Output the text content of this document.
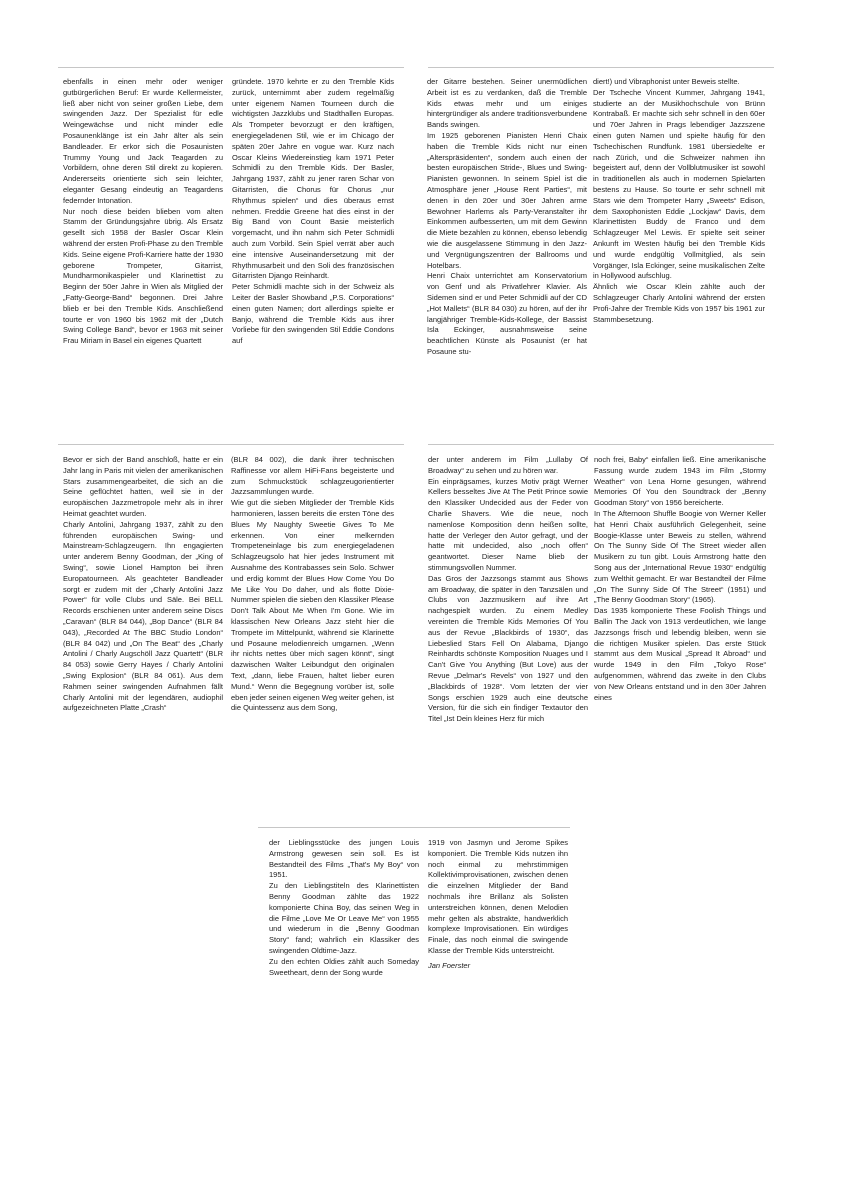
ebenfalls in einen mehr oder weniger gutbürgerlichen Beruf: Er wurde Kellermeister, ließ aber nicht von seiner großen Liebe, dem swingenden Jazz. Der Spezialist für edle Weingewächse und nicht minder edle Posaunenklänge ist ein Jahr älter als sein Bandleader. Er erkor sich die Posaunisten Trummy Young und Jack Teagarden zu Vorbildern, ohne deren Stil direkt zu kopieren. Andererseits orientierte sich sein leichter, eleganter Gesang eindeutig an Teagardens federnder Intonation.

Nur noch diese beiden blieben vom alten Stamm der Gründungsjahre übrig. Als Ersatz gesellt sich 1958 der Basler Oscar Klein während der ersten Profi-Phase zu den Tremble Kids. Seine eigene Profi-Karriere hatte der 1930 geborene Trompeter, Gitarrist, Mundharmonikaspieler und Klarinettist zu Beginn der 50er Jahre in Wien als Mitglied der „Fatty-George-Band“ begonnen. Drei Jahre blieb er bei den Tremble Kids. Anschließend tourte er von 1960 bis 1962 mit der „Dutch Swing College Band“, bevor er 1963 mit seiner Frau Miriam in Basel ein eigenes Quartett

gründete. 1970 kehrte er zu den Tremble Kids zurück, unternimmt aber zudem regelmäßig unter eigenem Namen Tourneen durch die wichtigsten Jazzklubs und Stadthallen Europas. Als Trompeter bevorzugt er den kräftigen, energiegeladenen Stil, wie er im Chicago der späten 20er Jahre en vogue war. Kurz nach Oscar Kleins Wiedereinstieg kam 1971 Peter Schmidli zu den Tremble Kids. Der Basler, Jahrgang 1937, zählt zu jener raren Schar von Gitarristen, die Chorus für Chorus „nur Rhythmus spielen“ und dies überaus ernst nehmen. Freddie Greene hat dies einst in der Big Band von Count Basie meisterlich vorgemacht, und ihn nahm sich Peter Schmidli auch zum Vorbild. Sein Spiel verrät aber auch eine intensive Auseinandersetzung mit der Rhythmusarbeit und den Soli des französischen Gitarristen Django Reinhardt.

Peter Schmidli machte sich in der Schweiz als Leiter der Basler Showband „P.S. Corporations“ einen guten Namen; dort allerdings spielte er Banjo, während die Tremble Kids aus ihrer Vorliebe für den swingenden Stil Eddie Condons auf

der Gitarre bestehen. Seiner unermüdlichen Arbeit ist es zu verdanken, daß die Tremble Kids etwas mehr und um einiges hintergründiger als andere traditionsverbundene Bands swingen.

Im 1925 geborenen Pianisten Henri Chaix haben die Tremble Kids nicht nur einen „Alterspräsidenten“, sondern auch einen der besten europäischen Stride-, Blues und Swing-Pianisten gewonnen. In seinem Spiel ist die Atmosphäre jener „House Rent Parties“, mit denen in den 20er und 30er Jahren arme Bewohner Harlems als Party-Veranstalter ihr Einkommen aufbesserten, um mit dem Gewinn die Miete bezahlen zu können, ebenso lebendig wie die ausgelassene Stimmung in den Jazz- und Vergnügungszentren der Ballrooms und Hotelbars.

Henri Chaix unterrichtet am Konservatorium von Genf und als Privatlehrer Klavier. Als Sidemen sind er und Peter Schmidli auf der CD „Hot Mallets“ (BLR 84 030) zu hören, auf der ihr langjähriger Tremble-Kids-Kollege, der Bassist Isla Eckinger, ausnahmsweise seine beachtlichen Künste als Posaunist (er hat Posaune stu-

diert!) und Vibraphonist unter Beweis stellte.

Der Tscheche Vincent Kummer, Jahrgang 1941, studierte an der Musikhochschule von Brünn Kontrabaß. Er machte sich sehr schnell in den 60er und 70er Jahren in Prags lebendiger Jazzszene einen guten Namen und spielte häufig für den Tschechischen Rundfunk. 1981 übersiedelte er nach Zürich, und die Schweizer nahmen ihn begeistert auf, denn der Vollblutmusiker ist sowohl in traditionellen als auch in modernen Spielarten bestens zu Hause. So tourte er sehr schnell mit Stars wie dem Trompeter Harry „Sweets“ Edison, dem Saxophonisten Eddie „Lockjaw“ Davis, dem Klarinettisten Buddy de Franco und dem Schlagzeuger Mel Lewis. Er spielte seit seiner Ankunft im Westen häufig bei den Tremble Kids und wurde endgültig Vollmitglied, als sein Vorgänger, Isla Eckinger, seine musikalischen Zelte in Hollywood aufschlug.

Ähnlich wie Oscar Klein zählte auch der Schlagzeuger Charly Antolini während der ersten Profi-Jahre der Tremble Kids von 1957 bis 1961 zur Stammbesetzung.

Bevor er sich der Band anschloß, hatte er ein Jahr lang in Paris mit vielen der amerikanischen Stars zusammengearbeitet, die sich an die Seine geflüchtet hatten, weil sie in der europäischen Jazzmetropole mehr als in ihrer Heimat geachtet wurden.

Charly Antolini, Jahrgang 1937, zählt zu den führenden europäischen Swing- und Mainstream-Schlagzeugern. Ihn engagierten unter anderem Benny Goodman, der „King of Swing“, sowie Lionel Hampton bei ihren Europatourneen. Als geachteter Bandleader sorgt er zudem mit der „Charly Antolini Jazz Power“ für volle Clubs und Säle. Bei BELL Records erschienen unter anderem seine Discs „Caravan“ (BLR 84 044), „Bop Dance“ (BLR 84 043), „Recorded At The BBC Studio London“ (BLR 84 042) und „On The Beat“ des „Charly Antolini / Charly Augschöll Jazz Quartett“ (BLR 84 053) sowie Gerry Hayes / Charly Antolini „Swing Explosion“ (BLR 84 061). Aus dem Rahmen seiner swingenden Aufnahmen fällt Charly Antolini mit der legendären, audiophil aufgezeichneten Platte „Crash“

(BLR 84 002), die dank ihrer technischen Raffinesse vor allem HiFi-Fans begeisterte und zum Schmuckstück schlagzeugorientierter Jazzsammlungen wurde.

Wie gut die sieben Mitglieder der Tremble Kids harmonieren, lassen bereits die ersten Töne des Blues My Naughty Sweetie Gives To Me erkennen. Von einer melkernden Trompeteneinlage bis zum energiegeladenen Schlagzeugsolo hat hier jedes Instrument mit Ausnahme des Kontrabasses sein Solo. Schwer und erdig kommt der Blues How Come You Do Me Like You Do daher, und als flotte Dixie-Nummer spielen die sieben den Klassiker Please Don't Talk About Me When I'm Gone. Wie im klassischen New Orleans Jazz steht hier die Trompete im Mittelpunkt, während sie Klarinette und Posaune melodienreich umgarnen. „Wenn ihr nichts nettes über mich sagen könnt“, singt dazwischen Walter Leibundgut den originalen Text, „dann, liebe Frauen, haltet lieber euren Mund.“ Wenn die Begegnung vorüber ist, solle eben jeder seinen eigenen Weg weiter gehen, ist die Quintessenz aus dem Song,

der unter anderem im Film „Lullaby Of Broadway“ zu sehen und zu hören war.

Ein einprägsames, kurzes Motiv prägt Werner Kellers besseltes Jive At The Petit Prince sowie den Klassiker Undecided aus der Feder von Charlie Shavers. Wie die neue, noch namenlose Komposition denn heißen sollte, hatte der Verleger den Autor gefragt, und der hatte mit undecided, also „noch offen“ geantwortet. Dieser Name blieb der stimmungsvollen Nummer.

Das Gros der Jazzsongs stammt aus Shows am Broadway, die später in den Tanzsälen und Clubs von Jazzmusikern auf ihre Art nachgespielt wurden. Zu einem Medley vereinten die Tremble Kids Memories Of You aus der Revue „Blackbirds of 1930“, das Liebeslied Stars Fell On Alabama, Django Reinhardts schönste Komposition Nuages und I Can't Give You Anything (But Love) aus der Revue „Delmar's Revels“ von 1927 und den „Blackbirds of 1928“. Vom letzten der vier Songs erschien 1929 auch eine deutsche Version, für die sich ein findiger Textautor den Titel „Ist Dein kleines Herz für mich

noch frei, Baby“ einfallen ließ. Eine amerikanische Fassung wurde zudem 1943 im Film „Stormy Weather“ von Lena Horne gesungen, während Memories Of You den Soundtrack der „Benny Goodman Story“ von 1956 bereicherte.

In The Afternoon Shuffle Boogie von Werner Keller hat Henri Chaix ausführlich Gelegenheit, seine Boogie-Klasse unter Beweis zu stellen, während On The Sunny Side Of The Street wieder allen Musikern zu tun gibt. Louis Armstrong hatte den Song aus der „International Revue 1930“ endgültig zum Welthit gemacht. Er war Bestandteil der Filme „On The Sunny Side Of The Street“ (1951) und „The Benny Goodman Story“ (1965).

Das 1935 komponierte These Foolish Things und Ballin The Jack von 1913 verdeutlichen, wie lange Jazzsongs frisch und lebendig bleiben, wenn sie die richtigen Musiker spielen. Das erste Stück stammt aus dem Musical „Spread It Abroad“ und wurde 1949 in den Film „Tokyo Rose“ aufgenommen, während das zweite in den Clubs von New Orleans entstand und in den 30er Jahren eines

der Lieblingsstücke des jungen Louis Armstrong gewesen sein soll. Es ist Bestandteil des Films „That's My Boy“ von 1951.

Zu den Lieblingstiteln des Klarinettisten Benny Goodman zählte das 1922 komponierte China Boy, das seinen Weg in die Filme „Love Me Or Leave Me“ von 1955 und wiederum in die „Benny Goodman Story“ fand; wahrlich ein Klassiker des swingenden Oldtime-Jazz.

Zu den echten Oldies zählt auch Someday Sweetheart, denn der Song wurde

1919 von Jasmyn und Jerome Spikes komponiert. Die Tremble Kids nutzen ihn noch einmal zu mehrstimmigen Kollektivimprovisationen, zwischen denen die einzelnen Mitglieder der Band nochmals ihre Brillanz als Solisten unterstreichen können, denen Melodien mehr gelten als abstrakte, handwerklich komplexe Improvisationen. Ein würdiges Finale, das noch einmal die swingende Klasse der Tremble Kids unterstreicht.

Jan Foerster
